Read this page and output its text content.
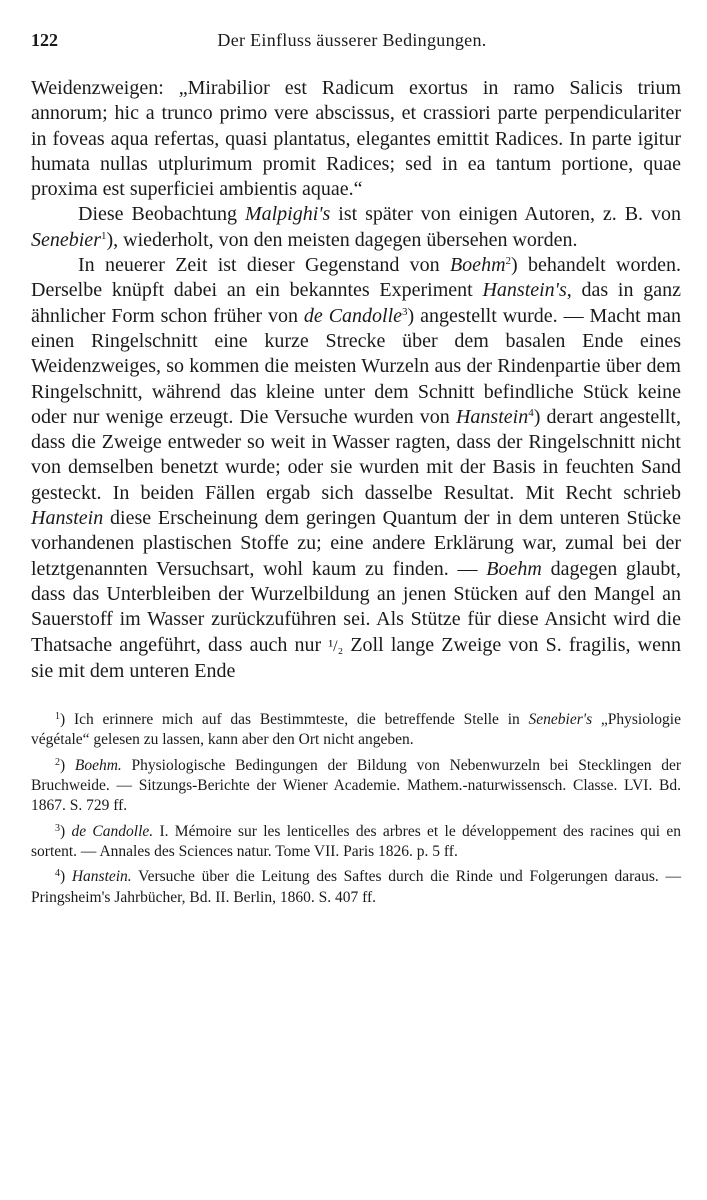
122	Der Einfluss äusserer Bedingungen.

Weidenzweigen: „Mirabilior est Radicum exortus in ramo Salicis trium annorum; hic a trunco primo vere abscissus, et crassiori parte perpendiculariter in foveas aqua refertas, quasi plantatus, elegantes emittit Radices. In parte igitur humata nullas utplurimum promit Radices; sed in ea tantum portione, quae proxima est superficiei ambientis aquae.“

Diese Beobachtung Malpighi's ist später von einigen Autoren, z. B. von Senebier$^1$), wiederholt, von den meisten dagegen übersehen worden.

In neuerer Zeit ist dieser Gegenstand von Boehm$^2$) behandelt worden. Derselbe knüpft dabei an ein bekanntes Experiment Hanstein's, das in ganz ähnlicher Form schon früher von de Candolle$^3$) angestellt wurde. — Macht man einen Ringelschnitt eine kurze Strecke über dem basalen Ende eines Weidenzweiges, so kommen die meisten Wurzeln aus der Rindenpartie über dem Ringelschnitt, während das kleine unter dem Schnitt befindliche Stück keine oder nur wenige erzeugt. Die Versuche wurden von Hanstein$^4$) derart angestellt, dass die Zweige entweder so weit in Wasser ragten, dass der Ringelschnitt nicht von demselben benetzt wurde; oder sie wurden mit der Basis in feuchten Sand gesteckt. In beiden Fällen ergab sich dasselbe Resultat. Mit Recht schrieb Hanstein diese Erscheinung dem geringen Quantum der in dem unteren Stücke vorhandenen plastischen Stoffe zu; eine andere Erklärung war, zumal bei der letztgenannten Versuchsart, wohl kaum zu finden. — Boehm dagegen glaubt, dass das Unterbleiben der Wurzelbildung an jenen Stücken auf den Mangel an Sauerstoff im Wasser zurückzuführen sei. Als Stütze für diese Ansicht wird die Thatsache angeführt, dass auch nur ¹/₂ Zoll lange Zweige von S. fragilis, wenn sie mit dem unteren Ende

$^1$) Ich erinnere mich auf das Bestimmteste, die betreffende Stelle in Senebier's „Physiologie végétale“ gelesen zu lassen, kann aber den Ort nicht angeben.

$^2$) Boehm. Physiologische Bedingungen der Bildung von Nebenwurzeln bei Stecklingen der Bruchweide. — Sitzungs-Berichte der Wiener Academie. Mathem.-naturwissensch. Classe. LVI. Bd. 1867. S. 729 ff.

$^3$) de Candolle. I. Mémoire sur les lenticelles des arbres et le développement des racines qui en sortent. — Annales des Sciences natur. Tome VII. Paris 1826. p. 5 ff.

$^4$) Hanstein. Versuche über die Leitung des Saftes durch die Rinde und Folgerungen daraus. — Pringsheim's Jahrbücher, Bd. II. Berlin, 1860. S. 407 ff.
